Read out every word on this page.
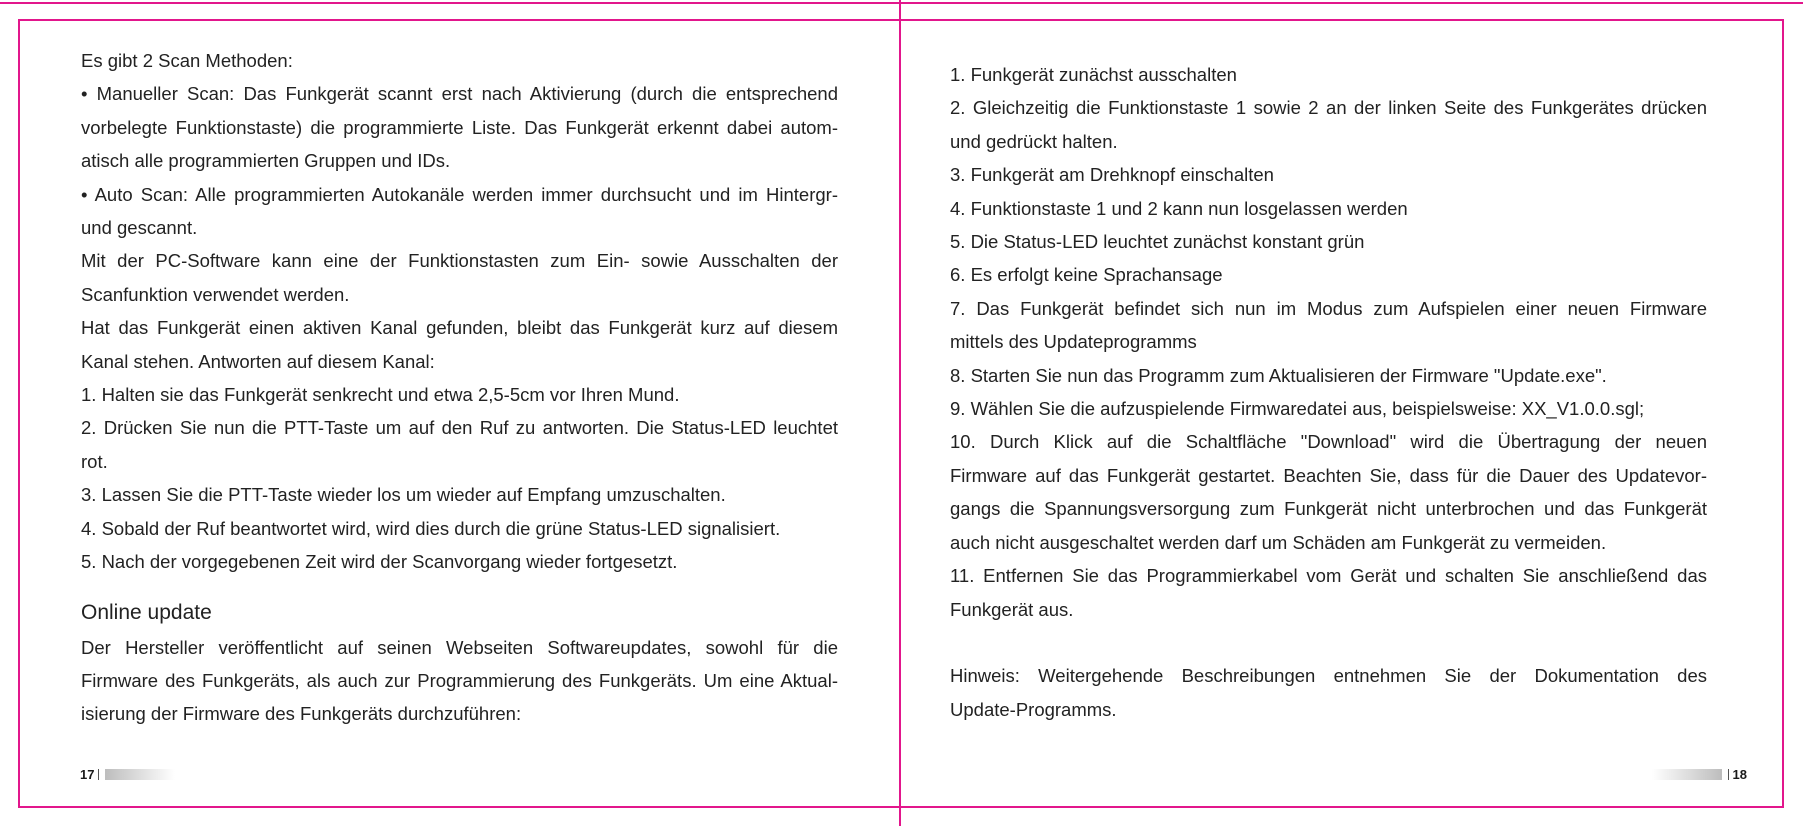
Es gibt 2 Scan Methoden:

• Manueller Scan: Das Funkgerät scannt erst nach Aktivierung (durch die entsprechend

vorbelegte Funktionstaste) die programmierte Liste. Das Funkgerät erkennt dabei autom-

atisch alle programmierten Gruppen und IDs.

• Auto Scan: Alle programmierten Autokanäle werden immer durchsucht und im Hintergr-

und gescannt.

Mit der PC-Software kann eine der Funktionstasten zum Ein- sowie Ausschalten der

Scanfunktion verwendet werden.

Hat das Funkgerät einen aktiven Kanal gefunden, bleibt das Funkgerät kurz auf diesem

Kanal stehen. Antworten auf diesem Kanal:

1. Halten sie das Funkgerät senkrecht und etwa 2,5-5cm vor Ihren Mund.

2. Drücken Sie nun die PTT-Taste um auf den Ruf zu antworten. Die Status-LED leuchtet

rot.

3. Lassen Sie die PTT-Taste wieder los um wieder auf Empfang umzuschalten.

4. Sobald der Ruf beantwortet wird, wird dies durch die grüne Status-LED signalisiert.

5. Nach der vorgegebenen Zeit wird der Scanvorgang wieder fortgesetzt.

Online update

Der Hersteller veröffentlicht auf seinen Webseiten Softwareupdates, sowohl für die

Firmware des Funkgeräts, als auch zur Programmierung des Funkgeräts. Um eine Aktual-

isierung der Firmware des Funkgeräts durchzuführen:

17

1. Funkgerät zunächst ausschalten

2. Gleichzeitig die Funktionstaste 1 sowie 2 an der linken Seite des Funkgerätes drücken

und gedrückt halten.

3. Funkgerät am Drehknopf einschalten

4. Funktionstaste 1 und 2 kann nun losgelassen werden

5. Die Status-LED leuchtet zunächst konstant grün

6. Es erfolgt keine Sprachansage

7. Das Funkgerät befindet sich nun im Modus zum Aufspielen einer neuen Firmware

mittels des Updateprogramms

8. Starten Sie nun das Programm zum Aktualisieren der Firmware "Update.exe".

9. Wählen Sie die aufzuspielende Firmwaredatei aus, beispielsweise: XX_V1.0.0.sgl;

10. Durch Klick auf die Schaltfläche "Download" wird die Übertragung der neuen

Firmware auf das Funkgerät gestartet. Beachten Sie, dass für die Dauer des Updatevor-

gangs die Spannungsversorgung zum Funkgerät nicht unterbrochen und das Funkgerät

auch nicht ausgeschaltet werden darf um Schäden am Funkgerät zu vermeiden.

11. Entfernen Sie das Programmierkabel vom Gerät und schalten Sie anschließend das

Funkgerät aus.

Hinweis: Weitergehende Beschreibungen entnehmen Sie der Dokumentation des

Update-Programms.

18
